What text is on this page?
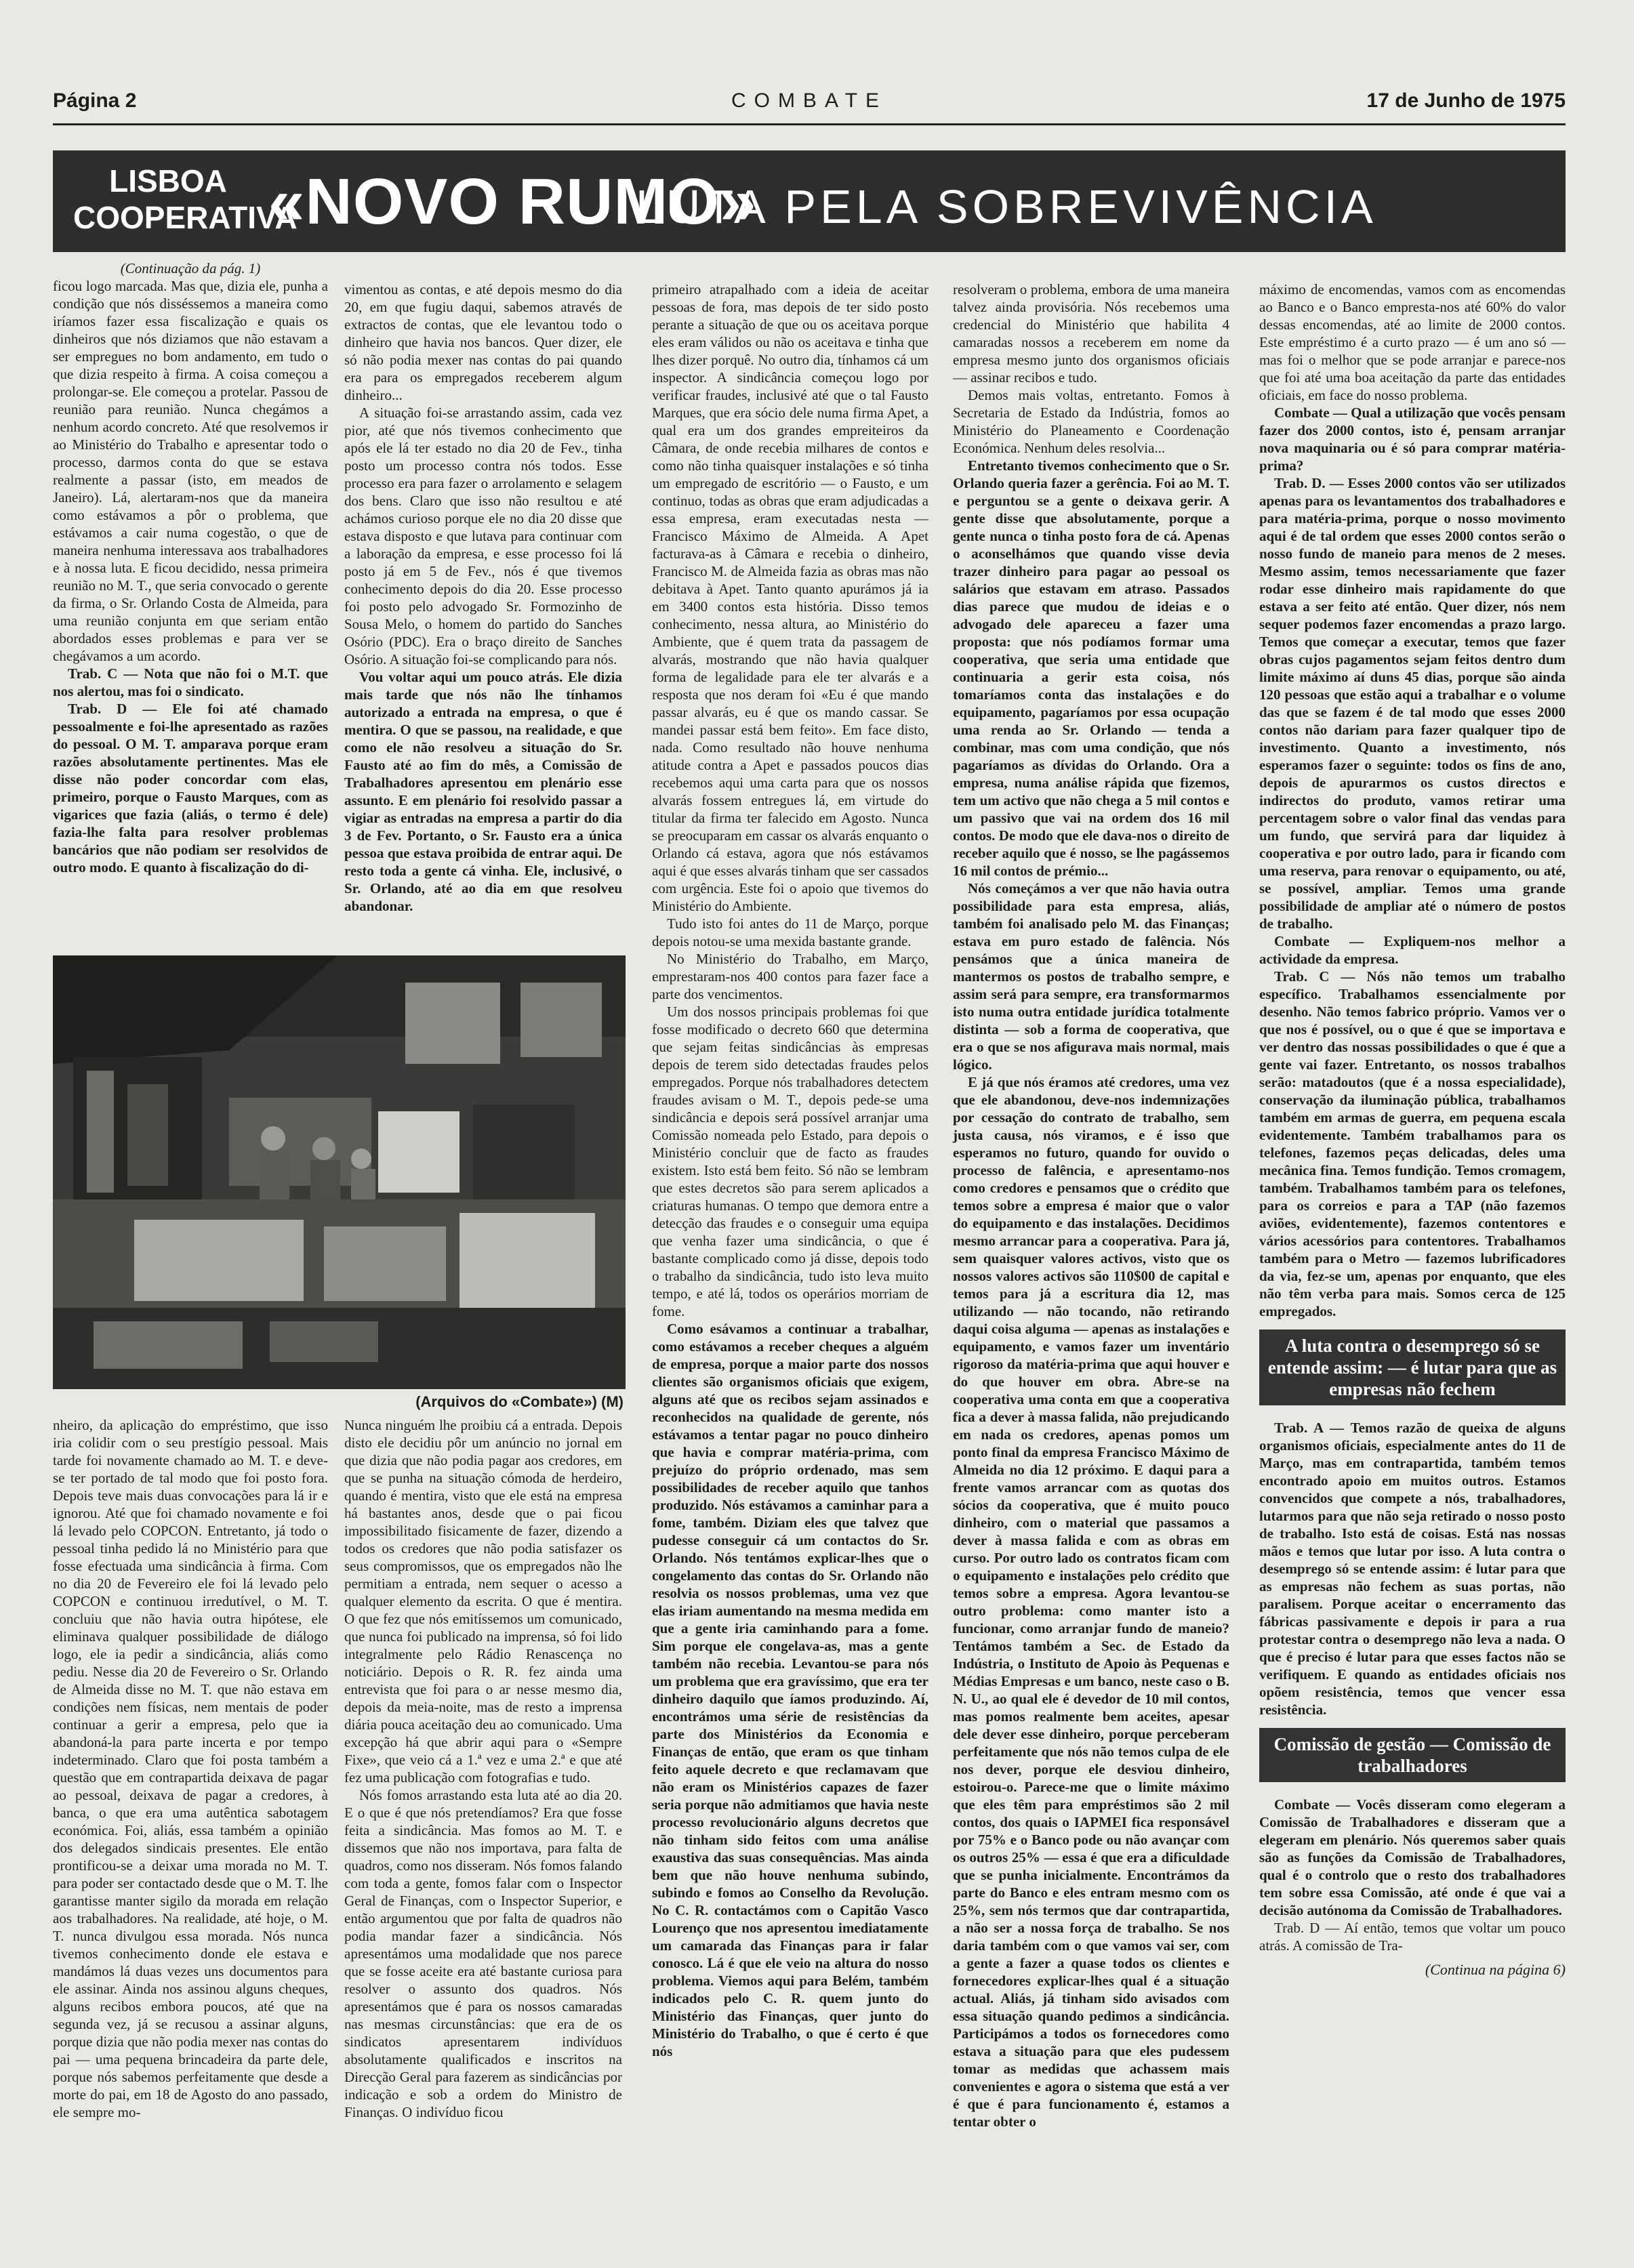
Página 2	COMBATE	17 de Junho de 1975
LISBOA
COOPERATIVA
«NOVO RUMO»
LUTA PELA SOBREVIVÊNCIA

(Continuação da pág. 1)

ficou logo marcada. Mas que, dizia ele, punha a condição que nós disséssemos a maneira como iríamos fazer essa fiscalização e quais os dinheiros que nós diziamos que não estavam a ser empregues no bom andamento, em tudo o que dizia respeito à firma. A coisa começou a prolongar-se. Ele começou a protelar. Passou de reunião para reunião. Nunca chegámos a nenhum acordo concreto. Até que resolvemos ir ao Ministério do Trabalho e apresentar todo o processo, darmos conta do que se estava realmente a passar (isto, em meados de Janeiro). Lá, alertaram-nos que da maneira como estávamos a pôr o problema, que estávamos a cair numa cogestão, o que de maneira nenhuma interessava aos trabalhadores e à nossa luta. E ficou decidido, nessa primeira reunião no M. T., que seria convocado o gerente da firma, o Sr. Orlando Costa de Almeida, para uma reunião conjunta em que seriam então abordados esses problemas e para ver se chegávamos a um acordo.

Trab. C — Nota que não foi o M.T. que nos alertou, mas foi o sindicato.

Trab. D — Ele foi até chamado pessoalmente e foi-lhe apresentado as razões do pessoal. O M. T. amparava porque eram razões absolutamente pertinentes. Mas ele disse não poder concordar com elas, primeiro, porque o Fausto Marques, com as vigarices que fazia (aliás, o termo é dele) fazia-lhe falta para resolver problemas bancários que não podiam ser resolvidos de outro modo. E quanto à fiscalização do di-

vimentou as contas, e até depois mesmo do dia 20, em que fugiu daqui, sabemos através de extractos de contas, que ele levantou todo o dinheiro que havia nos bancos. Quer dizer, ele só não podia mexer nas contas do pai quando era para os empregados receberem algum dinheiro...

A situação foi-se arrastando assim, cada vez pior, até que nós tivemos conhecimento que após ele lá ter estado no dia 20 de Fev., tinha posto um processo contra nós todos. Esse processo era para fazer o arrolamento e selagem dos bens. Claro que isso não resultou e até achámos curioso porque ele no dia 20 disse que estava disposto e que lutava para continuar com a laboração da empresa, e esse processo foi lá posto já em 5 de Fev., nós é que tivemos conhecimento depois do dia 20. Esse processo foi posto pelo advogado Sr. Formozinho de Sousa Melo, o homem do partido do Sanches Osório (PDC). Era o braço direito de Sanches Osório. A situação foi-se complicando para nós.

Vou voltar aqui um pouco atrás. Ele dizia mais tarde que nós não lhe tínhamos autorizado a entrada na empresa, o que é mentira. O que se passou, na realidade, e que como ele não resolveu a situação do Sr. Fausto até ao fim do mês, a Comissão de Trabalhadores apresentou em plenário esse assunto. E em plenário foi resolvido passar a vigiar as entradas na empresa a partir do dia 3 de Fev. Portanto, o Sr. Fausto era a única pessoa que estava proibida de entrar aqui. De resto toda a gente cá vinha. Ele, inclusivé, o Sr. Orlando, até ao dia em que resolveu abandonar.

(Arquivos do «Combate») (M)

nheiro, da aplicação do empréstimo, que isso iria colidir com o seu prestígio pessoal. Mais tarde foi novamente chamado ao M. T. e deve-se ter portado de tal modo que foi posto fora. Depois teve mais duas convocações para lá ir e ignorou. Até que foi chamado novamente e foi lá levado pelo COPCON. Entretanto, já todo o pessoal tinha pedido lá no Ministério para que fosse efectuada uma sindicância à firma. Com no dia 20 de Fevereiro ele foi lá levado pelo COPCON e continuou irredutível, o M. T. concluiu que não havia outra hipótese, ele eliminava qualquer possibilidade de diálogo logo, ele ia pedir a sindicância, aliás como pediu. Nesse dia 20 de Fevereiro o Sr. Orlando de Almeida disse no M. T. que não estava em condições nem físicas, nem mentais de poder continuar a gerir a empresa, pelo que ia abandoná-la para parte incerta e por tempo indeterminado. Claro que foi posta também a questão que em contrapartida deixava de pagar ao pessoal, deixava de pagar a credores, à banca, o que era uma autêntica sabotagem económica. Foi, aliás, essa também a opinião dos delegados sindicais presentes. Ele então prontificou-se a deixar uma morada no M. T. para poder ser contactado desde que o M. T. lhe garantisse manter sigilo da morada em relação aos trabalhadores. Na realidade, até hoje, o M. T. nunca divulgou essa morada. Nós nunca tivemos conhecimento donde ele estava e mandámos lá duas vezes uns documentos para ele assinar. Ainda nos assinou alguns cheques, alguns recibos embora poucos, até que na segunda vez, já se recusou a assinar alguns, porque dizia que não podia mexer nas contas do pai — uma pequena brincadeira da parte dele, porque nós sabemos perfeitamente que desde a morte do pai, em 18 de Agosto do ano passado, ele sempre mo-

Nunca ninguém lhe proibiu cá a entrada. Depois disto ele decidiu pôr um anúncio no jornal em que dizia que não podia pagar aos credores, em que se punha na situação cómoda de herdeiro, quando é mentira, visto que ele está na empresa há bastantes anos, desde que o pai ficou impossibilitado fisicamente de fazer, dizendo a todos os credores que não podia satisfazer os seus compromissos, que os empregados não lhe permitiam a entrada, nem sequer o acesso a qualquer elemento da escrita. O que é mentira. O que fez que nós emitíssemos um comunicado, que nunca foi publicado na imprensa, só foi lido integralmente pelo Rádio Renascença no noticiário. Depois o R. R. fez ainda uma entrevista que foi para o ar nesse mesmo dia, depois da meia-noite, mas de resto a imprensa diária pouca aceitação deu ao comunicado. Uma excepção há que abrir aqui para o «Sempre Fixe», que veio cá a 1.ª vez e uma 2.ª e que até fez uma publicação com fotografias e tudo.

Nós fomos arrastando esta luta até ao dia 20. E o que é que nós pretendíamos? Era que fosse feita a sindicância. Mas fomos ao M. T. e dissemos que não nos importava, para falta de quadros, como nos disseram. Nós fomos falando com toda a gente, fomos falar com o Inspector Geral de Finanças, com o Inspector Superior, e então argumentou que por falta de quadros não podia mandar fazer a sindicância. Nós apresentámos uma modalidade que nos parece que se fosse aceite era até bastante curiosa para resolver o assunto dos quadros. Nós apresentámos que é para os nossos camaradas nas mesmas circunstâncias: que era de os sindicatos apresentarem indivíduos absolutamente qualificados e inscritos na Direcção Geral para fazerem as sindicâncias por indicação e sob a ordem do Ministro de Finanças. O indivíduo ficou

primeiro atrapalhado com a ideia de aceitar pessoas de fora, mas depois de ter sido posto perante a situação de que ou os aceitava porque eles eram válidos ou não os aceitava e tinha que lhes dizer porquê. No outro dia, tínhamos cá um inspector. A sindicância começou logo por verificar fraudes, inclusivé até que o tal Fausto Marques, que era sócio dele numa firma Apet, a qual era um dos grandes empreiteiros da Câmara, de onde recebia milhares de contos e como não tinha quaisquer instalações e só tinha um empregado de escritório — o Fausto, e um continuo, todas as obras que eram adjudicadas a essa empresa, eram executadas nesta — Francisco Máximo de Almeida. A Apet facturava-as à Câmara e recebia o dinheiro, Francisco M. de Almeida fazia as obras mas não debitava à Apet. Tanto quanto apurámos já ia em 3400 contos esta história. Disso temos conhecimento, nessa altura, ao Ministério do Ambiente, que é quem trata da passagem de alvarás, mostrando que não havia qualquer forma de legalidade para ele ter alvarás e a resposta que nos deram foi «Eu é que mando passar alvarás, eu é que os mando cassar. Se mandei passar está bem feito». Em face disto, nada. Como resultado não houve nenhuma atitude contra a Apet e passados poucos dias recebemos aqui uma carta para que os nossos alvarás fossem entregues lá, em virtude do titular da firma ter falecido em Agosto. Nunca se preocuparam em cassar os alvarás enquanto o Orlando cá estava, agora que nós estávamos aqui é que esses alvarás tinham que ser cassados com urgência. Este foi o apoio que tivemos do Ministério do Ambiente.

Tudo isto foi antes do 11 de Março, porque depois notou-se uma mexida bastante grande.

No Ministério do Trabalho, em Março, emprestaram-nos 400 contos para fazer face a parte dos vencimentos.

Um dos nossos principais problemas foi que fosse modificado o decreto 660 que determina que sejam feitas sindicâncias às empresas depois de terem sido detectadas fraudes pelos empregados. Porque nós trabalhadores detectem fraudes avisam o M. T., depois pede-se uma sindicância e depois será possível arranjar uma Comissão nomeada pelo Estado, para depois o Ministério concluir que de facto as fraudes existem. Isto está bem feito. Só não se lembram que estes decretos são para serem aplicados a criaturas humanas. O tempo que demora entre a detecção das fraudes e o conseguir uma equipa que venha fazer uma sindicância, o que é bastante complicado como já disse, depois todo o trabalho da sindicância, tudo isto leva muito tempo, e até lá, todos os operários morriam de fome.

Como esávamos a continuar a trabalhar, como estávamos a receber cheques a alguém de empresa, porque a maior parte dos nossos clientes são organismos oficiais que exigem, alguns até que os recibos sejam assinados e reconhecidos na qualidade de gerente, nós estávamos a tentar pagar no pouco dinheiro que havia e comprar matéria-prima, com prejuízo do próprio ordenado, mas sem possibilidades de receber aquilo que tanhos produzido. Nós estávamos a caminhar para a fome, também. Diziam eles que talvez que pudesse conseguir cá um contactos do Sr. Orlando. Nós tentámos explicar-lhes que o congelamento das contas do Sr. Orlando não resolvia os nossos problemas, uma vez que elas iriam aumentando na mesma medida em que a gente iria caminhando para a fome. Sim porque ele congelava-as, mas a gente também não recebia. Levantou-se para nós um problema que era gravíssimo, que era ter dinheiro daquilo que íamos produzindo. Aí, encontrámos uma série de resistências da parte dos Ministérios da Economia e Finanças de então, que eram os que tinham feito aquele decreto e que reclamavam que não eram os Ministérios capazes de fazer seria porque não admitiamos que havia neste processo revolucionário alguns decretos que não tinham sido feitos com uma análise exaustiva das suas consequências. Mas ainda bem que não houve nenhuma subindo, subindo e fomos ao Conselho da Revolução. No C. R. contactámos com o Capitão Vasco Lourenço que nos apresentou imediatamente um camarada das Finanças para ir falar conosco. Lá é que ele veio na altura do nosso problema. Viemos aqui para Belém, também indicados pelo C. R. quem junto do Ministério das Finanças, quer junto do Ministério do Trabalho, o que é certo é que nós

resolveram o problema, embora de uma maneira talvez ainda provisória. Nós recebemos uma credencial do Ministério que habilita 4 camaradas nossos a receberem em nome da empresa mesmo junto dos organismos oficiais — assinar recibos e tudo.

Demos mais voltas, entretanto. Fomos à Secretaria de Estado da Indústria, fomos ao Ministério do Planeamento e Coordenação Económica. Nenhum deles resolvia...

Entretanto tivemos conhecimento que o Sr. Orlando queria fazer a gerência. Foi ao M. T. e perguntou se a gente o deixava gerir. A gente disse que absolutamente, porque a gente nunca o tinha posto fora de cá. Apenas o aconselhámos que quando visse devia trazer dinheiro para pagar ao pessoal os salários que estavam em atraso. Passados dias parece que mudou de ideias e o advogado dele apareceu a fazer uma proposta: que nós podíamos formar uma cooperativa, que seria uma entidade que continuaria a gerir esta coisa, nós tomaríamos conta das instalações e do equipamento, pagaríamos por essa ocupação uma renda ao Sr. Orlando — tenda a combinar, mas com uma condição, que nós pagaríamos as dívidas do Orlando. Ora a empresa, numa análise rápida que fizemos, tem um activo que não chega a 5 mil contos e um passivo que vai na ordem dos 16 mil contos. De modo que ele dava-nos o direito de receber aquilo que é nosso, se lhe pagássemos 16 mil contos de prémio...

Nós começámos a ver que não havia outra possibilidade para esta empresa, aliás, também foi analisado pelo M. das Finanças; estava em puro estado de falência. Nós pensámos que a única maneira de mantermos os postos de trabalho sempre, e assim será para sempre, era transformarmos isto numa outra entidade jurídica totalmente distinta — sob a forma de cooperativa, que era o que se nos afigurava mais normal, mais lógico.

E já que nós éramos até credores, uma vez que ele abandonou, deve-nos indemnizações por cessação do contrato de trabalho, sem justa causa, nós viramos, e é isso que esperamos no futuro, quando for ouvido o processo de falência, e apresentamo-nos como credores e pensamos que o crédito que temos sobre a empresa é maior que o valor do equipamento e das instalações. Decidimos mesmo arrancar para a cooperativa. Para já, sem quaisquer valores activos, visto que os nossos valores activos são 110$00 de capital e temos para já a escritura dia 12, mas utilizando — não tocando, não retirando daqui coisa alguma — apenas as instalações e equipamento, e vamos fazer um inventário rigoroso da matéria-prima que aqui houver e do que houver em obra. Abre-se na cooperativa uma conta em que a cooperativa fica a dever à massa falida, não prejudicando em nada os credores, apenas pomos um ponto final da empresa Francisco Máximo de Almeida no dia 12 próximo. E daqui para a frente vamos arrancar com as quotas dos sócios da cooperativa, que é muito pouco dinheiro, com o material que passamos a dever à massa falida e com as obras em curso. Por outro lado os contratos ficam com o equipamento e instalações pelo crédito que temos sobre a empresa. Agora levantou-se outro problema: como manter isto a funcionar, como arranjar fundo de maneio? Tentámos também a Sec. de Estado da Indústria, o Instituto de Apoio às Pequenas e Médias Empresas e um banco, neste caso o B. N. U., ao qual ele é devedor de 10 mil contos, mas pomos realmente bem aceites, apesar dele dever esse dinheiro, porque perceberam perfeitamente que nós não temos culpa de ele nos dever, porque ele desviou dinheiro, estoirou-o. Parece-me que o limite máximo que eles têm para empréstimos são 2 mil contos, dos quais o IAPMEI fica responsável por 75% e o Banco pode ou não avançar com os outros 25% — essa é que era a dificuldade que se punha inicialmente. Encontrámos da parte do Banco e eles entram mesmo com os 25%, sem nós termos que dar contrapartida, a não ser a nossa força de trabalho. Se nos daria também com o que vamos vai ser, com a gente a fazer a quase todos os clientes e fornecedores explicar-lhes qual é a situação actual. Aliás, já tinham sido avisados com essa situação quando pedimos a sindicância. Participámos a todos os fornecedores como estava a situação para que eles pudessem tomar as medidas que achassem mais convenientes e agora o sistema que está a ver é que é para funcionamento é, estamos a tentar obter o

máximo de encomendas, vamos com as encomendas ao Banco e o Banco empresta-nos até 60% do valor dessas encomendas, até ao limite de 2000 contos. Este empréstimo é a curto prazo — é um ano só — mas foi o melhor que se pode arranjar e parece-nos que foi até uma boa aceitação da parte das entidades oficiais, em face do nosso problema.

Combate — Qual a utilização que vocês pensam fazer dos 2000 contos, isto é, pensam arranjar nova maquinaria ou é só para comprar matéria-prima?

Trab. D. — Esses 2000 contos vão ser utilizados apenas para os levantamentos dos trabalhadores e para matéria-prima, porque o nosso movimento aqui é de tal ordem que esses 2000 contos serão o nosso fundo de maneio para menos de 2 meses. Mesmo assim, temos necessariamente que fazer rodar esse dinheiro mais rapidamente do que estava a ser feito até então. Quer dizer, nós nem sequer podemos fazer encomendas a prazo largo. Temos que começar a executar, temos que fazer obras cujos pagamentos sejam feitos dentro dum limite máximo aí duns 45 dias, porque são ainda 120 pessoas que estão aqui a trabalhar e o volume das que se fazem é de tal modo que esses 2000 contos não dariam para fazer qualquer tipo de investimento. Quanto a investimento, nós esperamos fazer o seguinte: todos os fins de ano, depois de apurarmos os custos directos e indirectos do produto, vamos retirar uma percentagem sobre o valor final das vendas para um fundo, que servirá para dar liquidez à cooperativa e por outro lado, para ir ficando com uma reserva, para renovar o equipamento, ou até, se possível, ampliar. Temos uma grande possibilidade de ampliar até o número de postos de trabalho.

Combate — Expliquem-nos melhor a actividade da empresa.

Trab. C — Nós não temos um trabalho específico. Trabalhamos essencialmente por desenho. Não temos fabrico próprio. Vamos ver o que nos é possível, ou o que é que se importava e ver dentro das nossas possibilidades o que é que a gente vai fazer. Entretanto, os nossos trabalhos serão: matadoutos (que é a nossa especialidade), conservação da iluminação pública, trabalhamos também em armas de guerra, em pequena escala evidentemente. Também trabalhamos para os telefones, fazemos peças delicadas, deles uma mecânica fina. Temos fundição. Temos cromagem, também. Trabalhamos também para os telefones, para os correios e para a TAP (não fazemos aviões, evidentemente), fazemos contentores e vários acessórios para contentores. Trabalhamos também para o Metro — fazemos lubrificadores da via, fez-se um, apenas por enquanto, que eles não têm verba para mais. Somos cerca de 125 empregados.

A luta contra o desemprego só se entende assim: — é lutar para que as empresas não fechem

Trab. A — Temos razão de queixa de alguns organismos oficiais, especialmente antes do 11 de Março, mas em contrapartida, também temos encontrado apoio em muitos outros. Estamos convencidos que compete a nós, trabalhadores, lutarmos para que não seja retirado o nosso posto de trabalho. Isto está de coisas. Está nas nossas mãos e temos que lutar por isso. A luta contra o desemprego só se entende assim: é lutar para que as empresas não fechem as suas portas, não paralisem. Porque aceitar o encerramento das fábricas passivamente e depois ir para a rua protestar contra o desemprego não leva a nada. O que é preciso é lutar para que esses factos não se verifiquem. E quando as entidades oficiais nos opõem resistência, temos que vencer essa resistência.

Comissão de gestão — Comissão de trabalhadores

Combate — Vocês disseram como elegeram a Comissão de Trabalhadores e disseram que a elegeram em plenário. Nós queremos saber quais são as funções da Comissão de Trabalhadores, qual é o controlo que o resto dos trabalhadores tem sobre essa Comissão, até onde é que vai a decisão autónoma da Comissão de Trabalhadores.

Trab. D — Aí então, temos que voltar um pouco atrás. A comissão de Tra-

(Continua na página 6)
